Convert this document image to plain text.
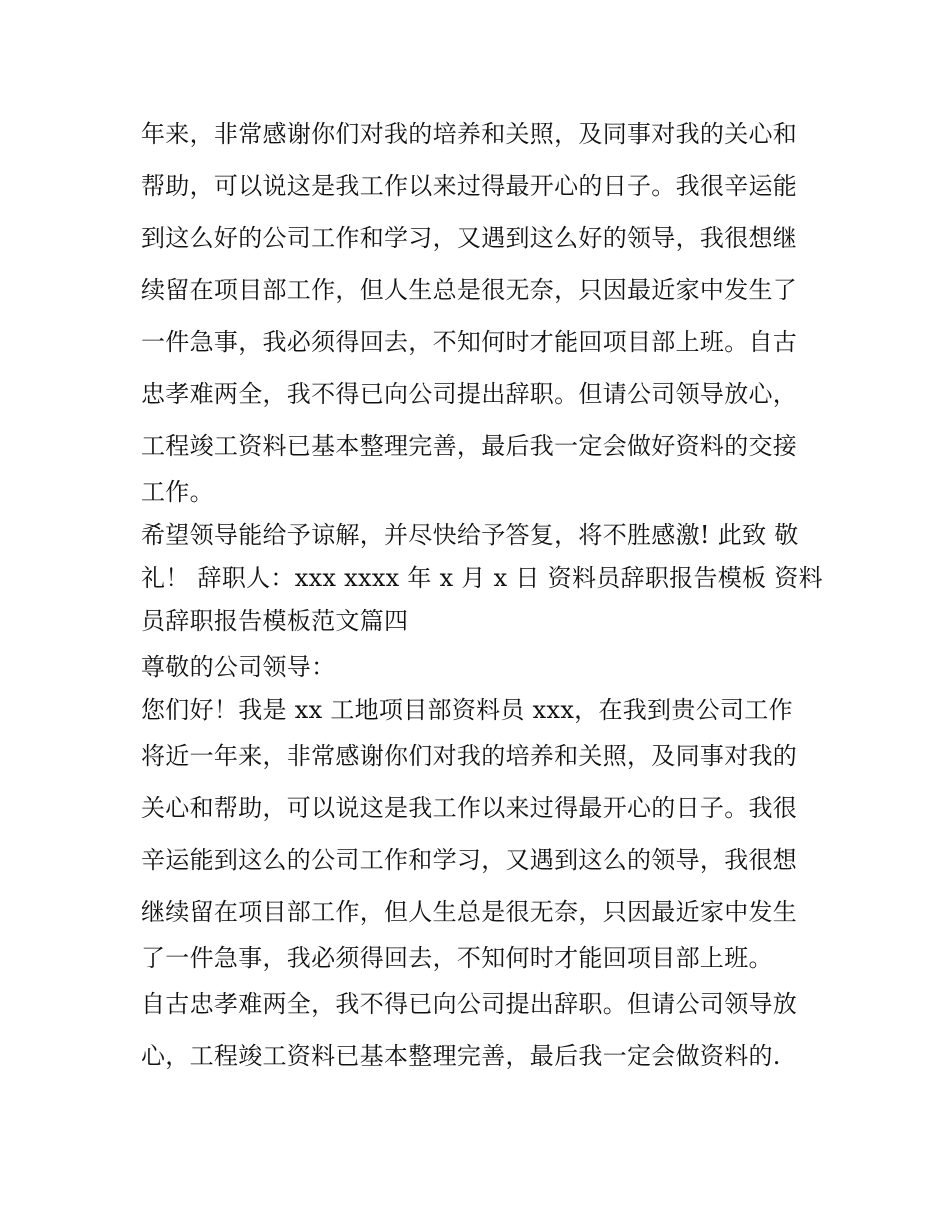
年来，非常感谢你们对我的培养和关照，及同事对我的关心和

帮助，可以说这是我工作以来过得最开心的日子。我很辛运能

到这么好的公司工作和学习，又遇到这么好的领导，我很想继

续留在项目部工作，但人生总是很无奈，只因最近家中发生了

一件急事，我必须得回去，不知何时才能回项目部上班。自古

忠孝难两全，我不得已向公司提出辞职。但请公司领导放心，

工程竣工资料已基本整理完善，最后我一定会做好资料的交接

工作。

希望领导能给予谅解，并尽快给予答复，将不胜感激! 此致 敬

礼！ 辞职人：xxx xxxx 年 x 月 x 日 资料员辞职报告模板 资料

员辞职报告模板范文篇四

尊敬的公司领导：

您们好！我是 xx 工地项目部资料员 xxx，在我到贵公司工作

将近一年来，非常感谢你们对我的培养和关照，及同事对我的

关心和帮助，可以说这是我工作以来过得最开心的日子。我很

辛运能到这么的公司工作和学习，又遇到这么的领导，我很想

继续留在项目部工作，但人生总是很无奈，只因最近家中发生

了一件急事，我必须得回去，不知何时才能回项目部上班。

自古忠孝难两全，我不得已向公司提出辞职。但请公司领导放

心，工程竣工资料已基本整理完善，最后我一定会做资料的.
